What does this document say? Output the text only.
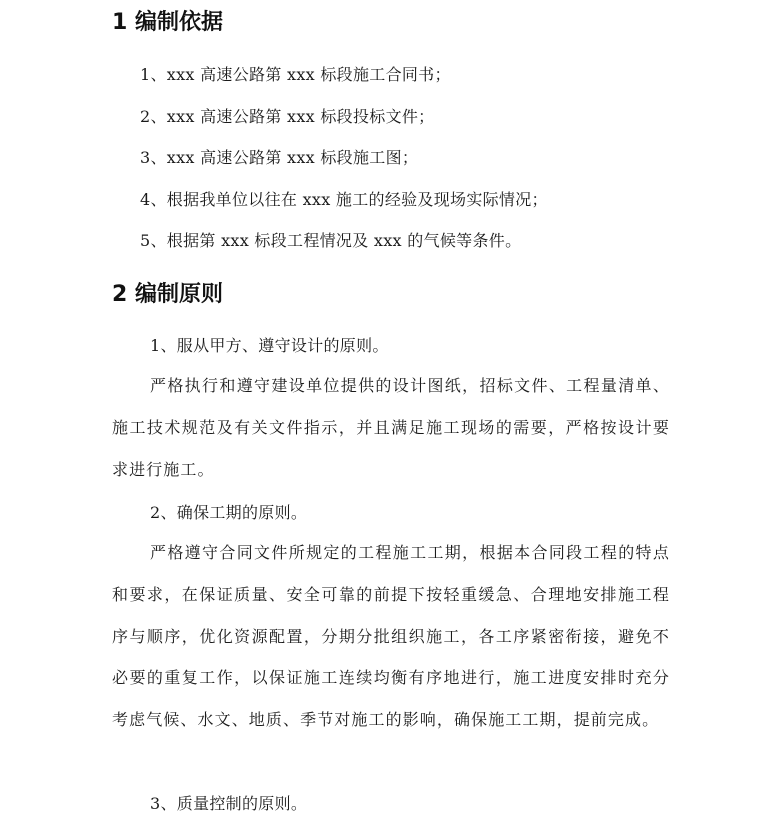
1 编制依据

1、xxx 高速公路第 xxx 标段施工合同书；

2、xxx 高速公路第 xxx 标段投标文件；

3、xxx 高速公路第 xxx 标段施工图；

4、根据我单位以往在 xxx 施工的经验及现场实际情况；

5、根据第 xxx 标段工程情况及 xxx 的气候等条件。

2 编制原则

1、服从甲方、遵守设计的原则。

严格执行和遵守建设单位提供的设计图纸，招标文件、工程量清单、施工技术规范及有关文件指示，并且满足施工现场的需要，严格按设计要求进行施工。

2、确保工期的原则。

严格遵守合同文件所规定的工程施工工期，根据本合同段工程的特点和要求，在保证质量、安全可靠的前提下按轻重缓急、合理地安排施工程序与顺序，优化资源配置，分期分批组织施工，各工序紧密衔接，避免不必要的重复工作，以保证施工连续均衡有序地进行，施工进度安排时充分考虑气候、水文、地质、季节对施工的影响，确保施工工期，提前完成。

3、质量控制的原则。
